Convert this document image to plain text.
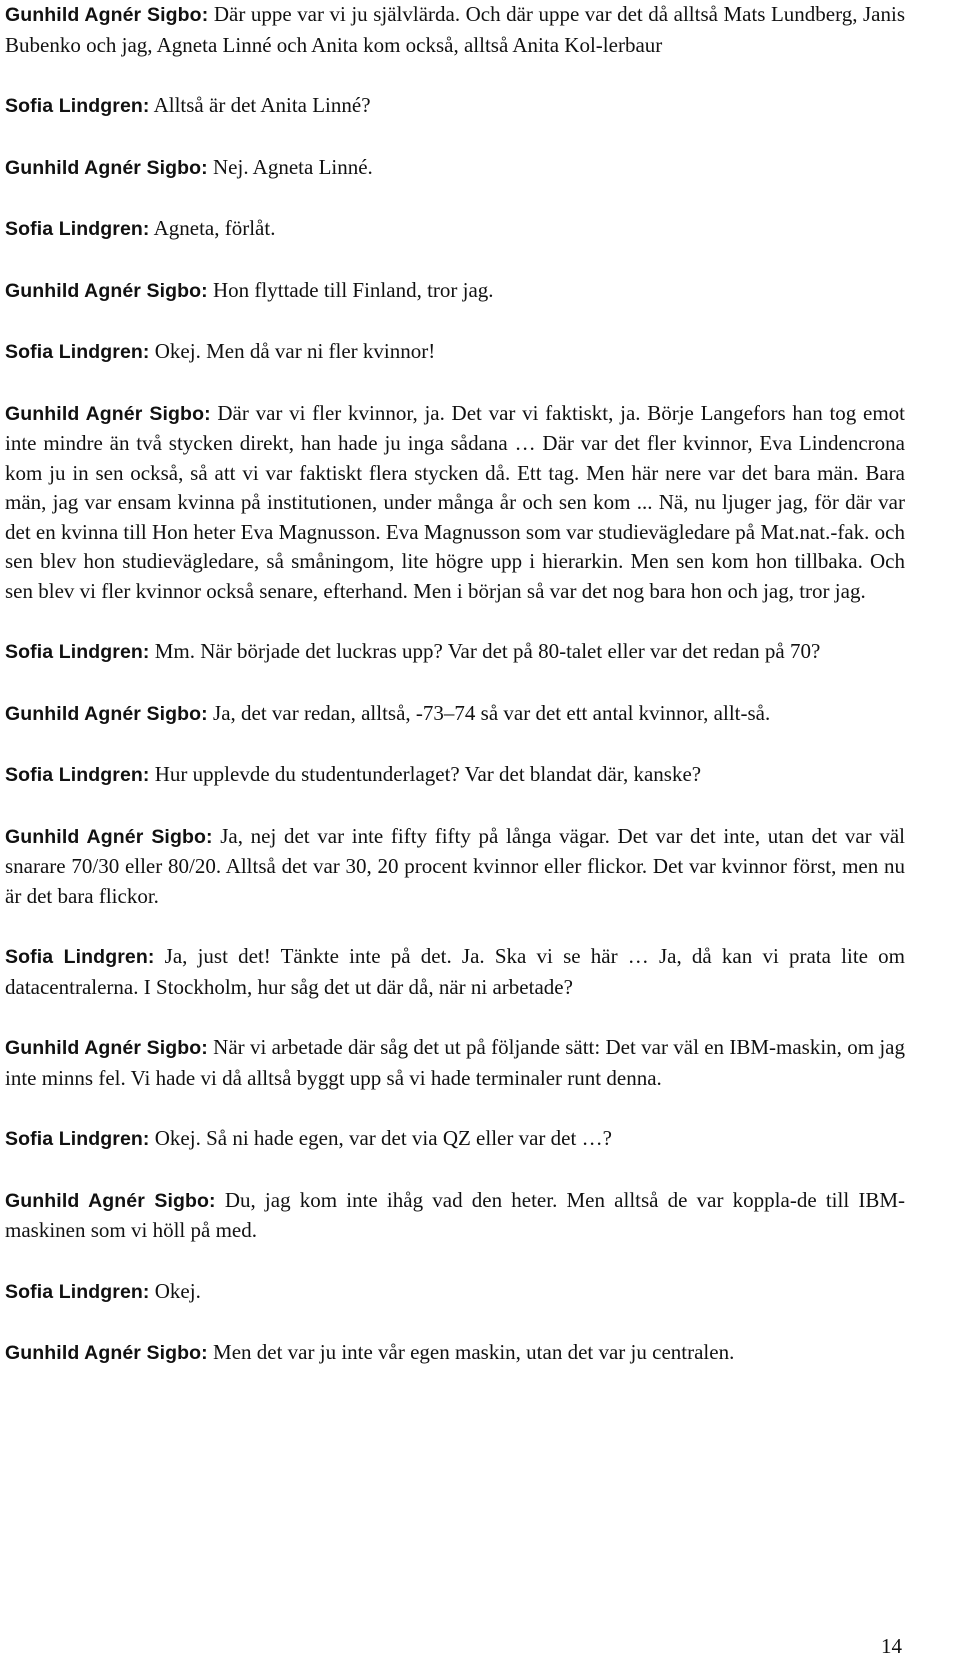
Gunhild Agnér Sigbo: Där uppe var vi ju självlärda. Och där uppe var det då alltså Mats Lundberg, Janis Bubenko och jag, Agneta Linné och Anita kom också, alltså Anita Kol-lerbaur

Sofia Lindgren: Alltså är det Anita Linné?

Gunhild Agnér Sigbo: Nej. Agneta Linné.

Sofia Lindgren: Agneta, förlåt.

Gunhild Agnér Sigbo: Hon flyttade till Finland, tror jag.

Sofia Lindgren: Okej. Men då var ni fler kvinnor!

Gunhild Agnér Sigbo: Där var vi fler kvinnor, ja. Det var vi faktiskt, ja. Börje Langefors han tog emot inte mindre än två stycken direkt, han hade ju inga sådana … Där var det fler kvinnor, Eva Lindencrona kom ju in sen också, så att vi var faktiskt flera stycken då. Ett tag. Men här nere var det bara män. Bara män, jag var ensam kvinna på institutionen, under många år och sen kom ... Nä, nu ljuger jag, för där var det en kvinna till Hon heter Eva Magnusson. Eva Magnusson som var studievägledare på Mat.nat.-fak. och sen blev hon studievägledare, så småningom, lite högre upp i hierarkin. Men sen kom hon tillbaka. Och sen blev vi fler kvinnor också senare, efterhand. Men i början så var det nog bara hon och jag, tror jag.

Sofia Lindgren: Mm. När började det luckras upp? Var det på 80-talet eller var det redan på 70?

Gunhild Agnér Sigbo: Ja, det var redan, alltså, -73–74 så var det ett antal kvinnor, allt-så.

Sofia Lindgren: Hur upplevde du studentunderlaget? Var det blandat där, kanske?

Gunhild Agnér Sigbo: Ja, nej det var inte fifty fifty på långa vägar. Det var det inte, utan det var väl snarare 70/30 eller 80/20. Alltså det var 30, 20 procent kvinnor eller flickor. Det var kvinnor först, men nu är det bara flickor.

Sofia Lindgren: Ja, just det! Tänkte inte på det. Ja. Ska vi se här … Ja, då kan vi prata lite om datacentralerna. I Stockholm, hur såg det ut där då, när ni arbetade?

Gunhild Agnér Sigbo: När vi arbetade där såg det ut på följande sätt: Det var väl en IBM-maskin, om jag inte minns fel. Vi hade vi då alltså byggt upp så vi hade terminaler runt denna.

Sofia Lindgren: Okej. Så ni hade egen, var det via QZ eller var det …?

Gunhild Agnér Sigbo: Du, jag kom inte ihåg vad den heter. Men alltså de var koppla-de till IBM-maskinen som vi höll på med.

Sofia Lindgren: Okej.

Gunhild Agnér Sigbo: Men det var ju inte vår egen maskin, utan det var ju centralen.

14
